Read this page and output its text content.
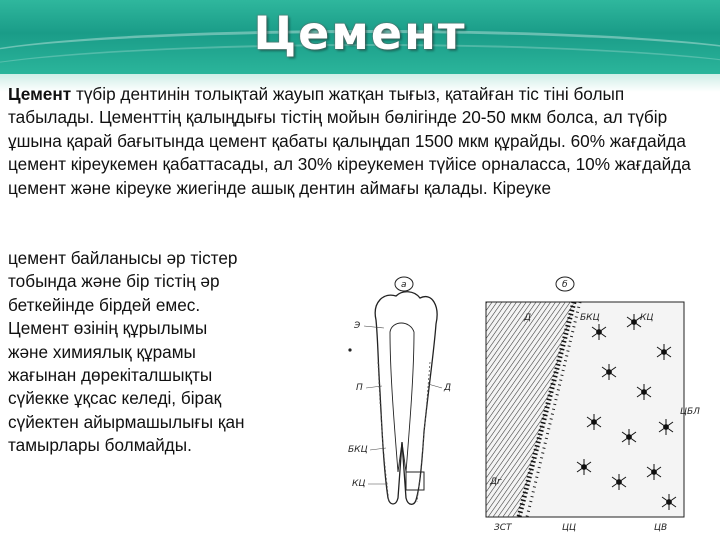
Цемент

Цемент түбір дентинін толықтай жауып жатқан тығыз, қатайған тіс тіні болып табылады. Цементтің қалыңдығы тістің мойын бөлігінде 20-50 мкм болса, ал түбір ұшына қарай бағытында цемент қабаты қалыңдап 1500 мкм құрайды. 60% жағдайда цемент кіреукемен қабаттасады, ал 30% кіреукемен түйісе орналасса, 10% жағдайда цемент және кіреуке жиегінде ашық дентин аймағы қалады. Кіреуке

цемент байланысы әр тістер
тобында және бір тістің әр
беткейінде бірдей емес.
Цемент өзінің құрылымы
және химиялық құрамы
жағынан дөрекіталшықты
сүйекке ұқсас келеді, бірақ
сүйектен айырмашылығы қан
тамырлары болмайды.
а
Э
П	Д
БКЦ
КЦ
б
Д	БКЦ	КЦ
ЦБЛ
Дг
ЗСТ	ЦЦ	ЦВ
